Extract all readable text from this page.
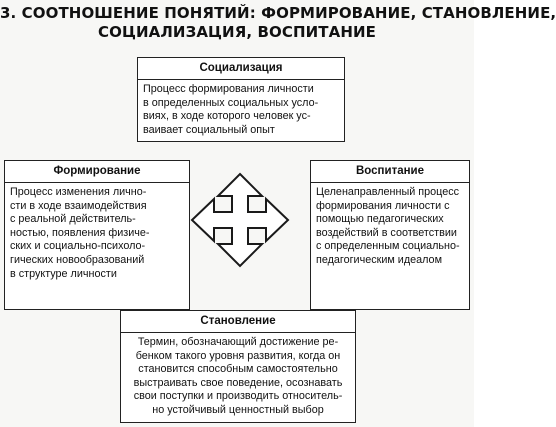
3. СООТНОШЕНИЕ ПОНЯТИЙ: ФОРМИРОВАНИЕ, СТАНОВЛЕНИЕ,
СОЦИАЛИЗАЦИЯ, ВОСПИТАНИЕ
Социализация
Процесс формирования личности
в определенных социальных усло-
виях, в ходе которого человек ус-
ваивает социальный опыт
Формирование
Процесс изменения лично-
сти в ходе взаимодействия
с реальной действитель-
ностью, появления физиче-
ских и социально-психоло-
гических новообразований
в структуре личности
Воспитание
Целенаправленный процесс
формирования личности с
помощью педагогических
воздействий в соответствии
с определенным социально-
педагогическим идеалом
Становление
Термин, обозначающий достижение ре-
бенком такого уровня развития, когда он
становится способным самостоятельно
выстраивать свое поведение, осознавать
свои поступки и производить относитель-
но устойчивый ценностный выбор
